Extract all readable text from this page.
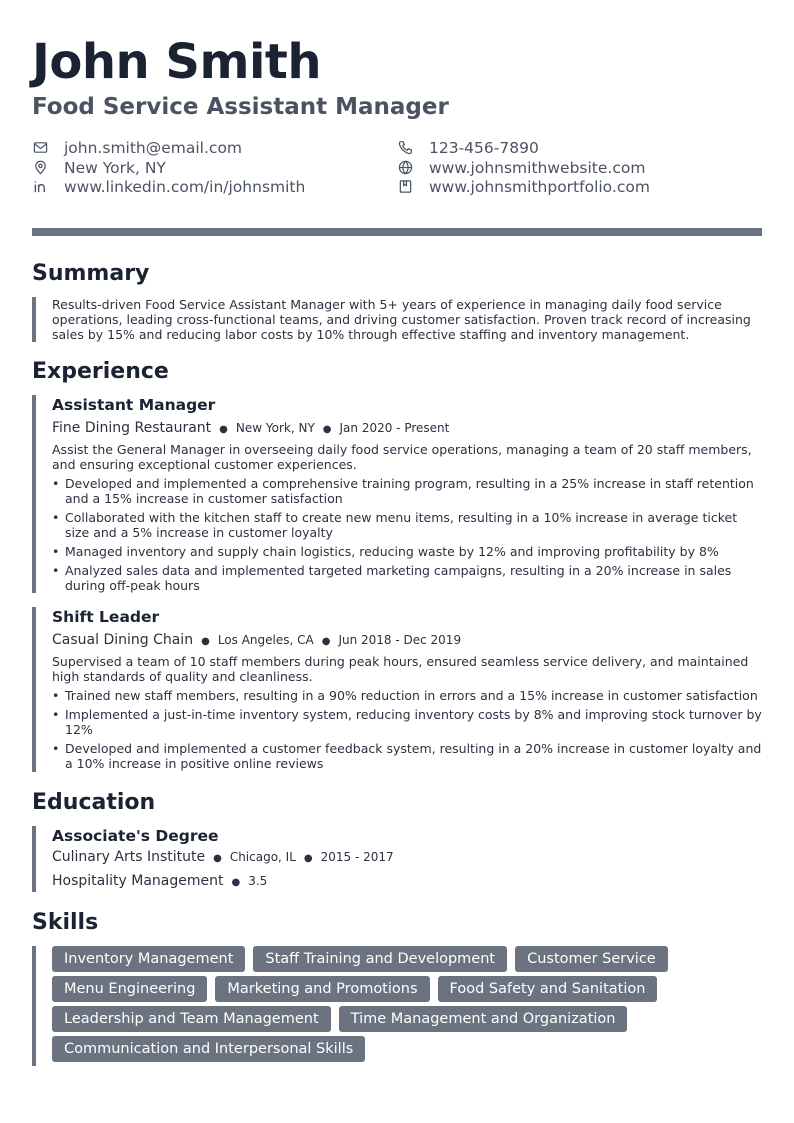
John Smith
Food Service Assistant Manager
john.smith@email.com	123-456-7890
New York, NY	www.johnsmithwebsite.com
www.linkedin.com/in/johnsmith	www.johnsmithportfolio.com
Summary
Results-driven Food Service Assistant Manager with 5+ years of experience in managing daily food service operations, leading cross-functional teams, and driving customer satisfaction. Proven track record of increasing sales by 15% and reducing labor costs by 10% through effective staffing and inventory management.
Experience
Assistant Manager
Fine Dining Restaurant ● New York, NY ● Jan 2020 - Present
Assist the General Manager in overseeing daily food service operations, managing a team of 20 staff members, and ensuring exceptional customer experiences.
• Developed and implemented a comprehensive training program, resulting in a 25% increase in staff retention and a 15% increase in customer satisfaction
• Collaborated with the kitchen staff to create new menu items, resulting in a 10% increase in average ticket size and a 5% increase in customer loyalty
• Managed inventory and supply chain logistics, reducing waste by 12% and improving profitability by 8%
• Analyzed sales data and implemented targeted marketing campaigns, resulting in a 20% increase in sales during off-peak hours
Shift Leader
Casual Dining Chain ● Los Angeles, CA ● Jun 2018 - Dec 2019
Supervised a team of 10 staff members during peak hours, ensured seamless service delivery, and maintained high standards of quality and cleanliness.
• Trained new staff members, resulting in a 90% reduction in errors and a 15% increase in customer satisfaction
• Implemented a just-in-time inventory system, reducing inventory costs by 8% and improving stock turnover by 12%
• Developed and implemented a customer feedback system, resulting in a 20% increase in customer loyalty and a 10% increase in positive online reviews
Education
Associate's Degree
Culinary Arts Institute ● Chicago, IL ● 2015 - 2017
Hospitality Management ● 3.5
Skills
Inventory Management	Staff Training and Development	Customer Service
Menu Engineering	Marketing and Promotions	Food Safety and Sanitation
Leadership and Team Management	Time Management and Organization
Communication and Interpersonal Skills
